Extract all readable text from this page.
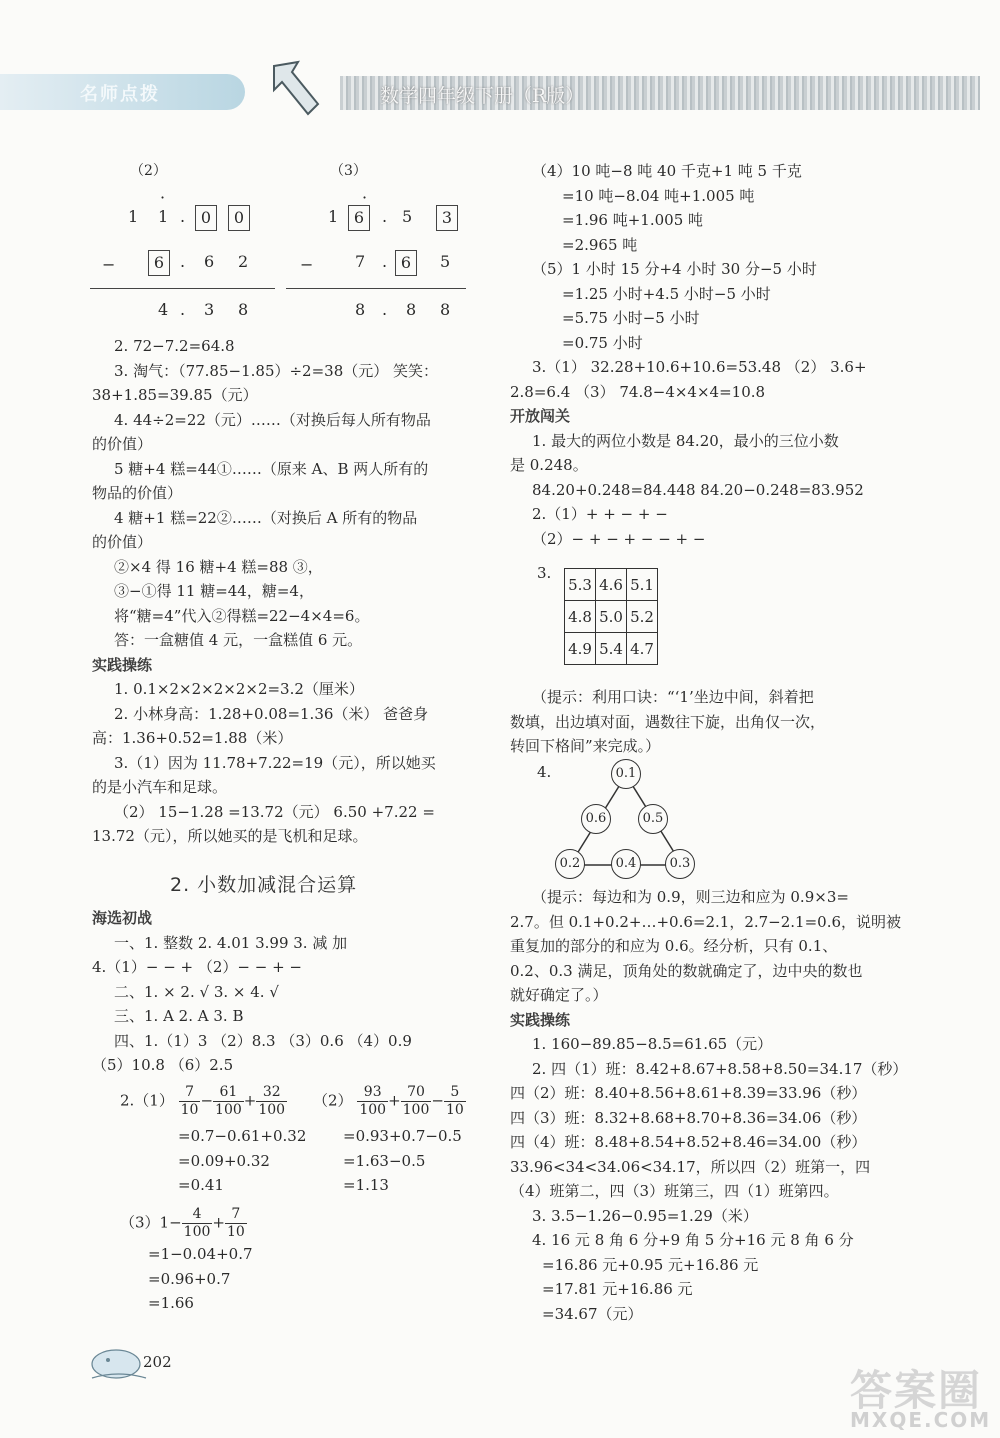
名师点拨	数学四年级下册（R版）
（2）	（3）
·
1 1 . 0	0
−	6 . 6 2
4 . 3 8
·
1 6	. 5	3
−	7 . 6	5
8 . 8 8
2. 72−7.2=64.8
3. 淘气：（77.85−1.85）÷2=38（元） 笑笑：
38+1.85=39.85（元）
4. 44÷2=22（元）……（对换后每人所有物品
的价值）
5 糖+4 糕=44①……（原来 A、B 两人所有的
物品的价值）
4 糖+1 糕=22②……（对换后 A 所有的物品
的价值）
②×4 得 16 糖+4 糕=88 ③，
③−①得 11 糖=44，糖=4，
将“糖=4”代入②得糕=22−4×4=6。
答：一盒糖值 4 元，一盒糕值 6 元。
实践操练
1. 0.1×2×2×2×2×2=3.2（厘米）
2. 小林身高：1.28+0.08=1.36（米） 爸爸身
高：1.36+0.52=1.88（米）
3.（1）因为 11.78+7.22=19（元），所以她买
的是小汽车和足球。
（2） 15−1.28 =13.72（元） 6.50 +7.22 =
13.72（元），所以她买的是飞机和足球。
2. 小数加减混合运算
海选初战
一、1. 整数 2. 4.01 3.99 3. 减 加
4.（1）− − + （2）− − + −
二、1. × 2. √ 3. × 4. √
三、1. A 2. A 3. B
四、1.（1）3 （2）8.3 （3）0.6 （4）0.9
（5）10.8 （6）2.5
$2.(1) \frac{7}{10} - \frac{61}{100} + \frac{32}{100} (2) \frac{93}{100} + \frac{70}{100} - \frac{5}{10}$
=0.7−0.61+0.32
=0.09+0.32
=0.41
=0.93+0.7−0.5
=1.63−0.5
=1.13
$(3)1- \frac{4}{100} + \frac{7}{10}$
=1−0.04+0.7
=0.96+0.7
=1.66
（4）10 吨−8 吨 40 千克+1 吨 5 千克
=10 吨−8.04 吨+1.005 吨
=1.96 吨+1.005 吨
=2.965 吨
（5）1 小时 15 分+4 小时 30 分−5 小时
=1.25 小时+4.5 小时−5 小时
=5.75 小时−5 小时
=0.75 小时
3.（1） 32.28+10.6+10.6=53.48 （2） 3.6+
2.8=6.4 （3） 74.8−4×4×4=10.8
开放闯关
1. 最大的两位小数是 84.20，最小的三位小数
是 0.248。
84.20+0.248=84.448 84.20−0.248=83.952
2.（1）+ + − + −
（2）− + − + − − + −
3.
5.3	4.6	5.1
4.8	5.0	5.2
4.9	5.4	4.7
（提示：利用口诀：“‘1’坐边中间，斜着把
数填，出边填对面，遇数往下旋，出角仅一次，
转回下格间”来完成。）
4.	0.1
0.6	0.5
0.2	0.4	0.3
（提示：每边和为 0.9，则三边和应为 0.9×3=
2.7。但 0.1+0.2+…+0.6=2.1，2.7−2.1=0.6，说明被
重复加的部分的和应为 0.6。经分析，只有 0.1、
0.2、0.3 满足，顶角处的数就确定了，边中央的数也
就好确定了。）
实践操练
1. 160−89.85−8.5=61.65（元）
2. 四（1）班：8.42+8.67+8.58+8.50=34.17（秒）
四（2）班：8.40+8.56+8.61+8.39=33.96（秒）
四（3）班：8.32+8.68+8.70+8.36=34.06（秒）
四（4）班：8.48+8.54+8.52+8.46=34.00（秒）
33.96<34<34.06<34.17，所以四（2）班第一，四
（4）班第二，四（3）班第三，四（1）班第四。
3. 3.5−1.26−0.95=1.29（米）
4. 16 元 8 角 6 分+9 角 5 分+16 元 8 角 6 分
=16.86 元+0.95 元+16.86 元
=17.81 元+16.86 元
=34.67（元）
202
答案圈
MXQE.COM
